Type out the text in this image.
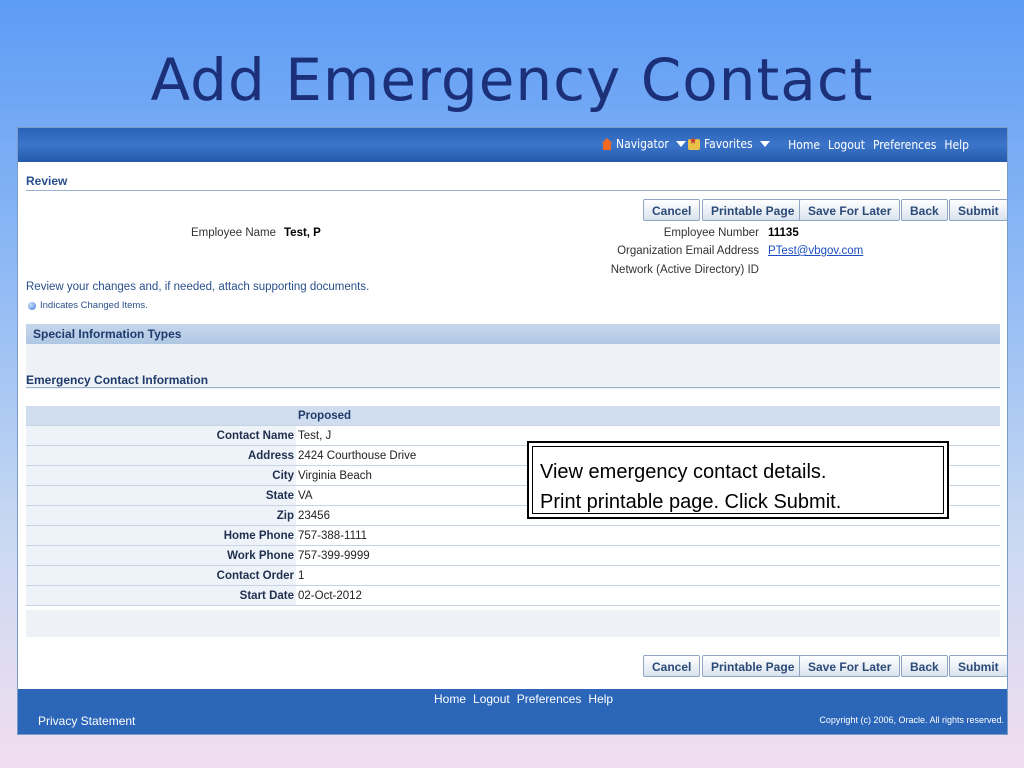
Add Emergency Contact
Navigator ★	Favorites	Home Logout Preferences Help
Review
Cancel	Printable Page	Save For Later	Back	Submit
Employee Name Test, P	Employee Number 11135
Organization Email Address PTest@vbgov.com
Network (Active Directory) ID
Review your changes and, if needed, attach supporting documents.
Indicates Changed Items.
Special Information Types
Emergency Contact Information
	Proposed
Contact Name	Test, J
Address	2424 Courthouse Drive
City	Virginia Beach
State	VA
Zip	23456
Home Phone	757-388-1111
Work Phone	757-399-9999
Contact Order	1
Start Date	02-Oct-2012
Cancel	Printable Page	Save For Later	Back	Submit
Home Logout Preferences Help
Privacy Statement	Copyright (c) 2006, Oracle. All rights reserved.
View emergency contact details.
Print printable page. Click Submit.
